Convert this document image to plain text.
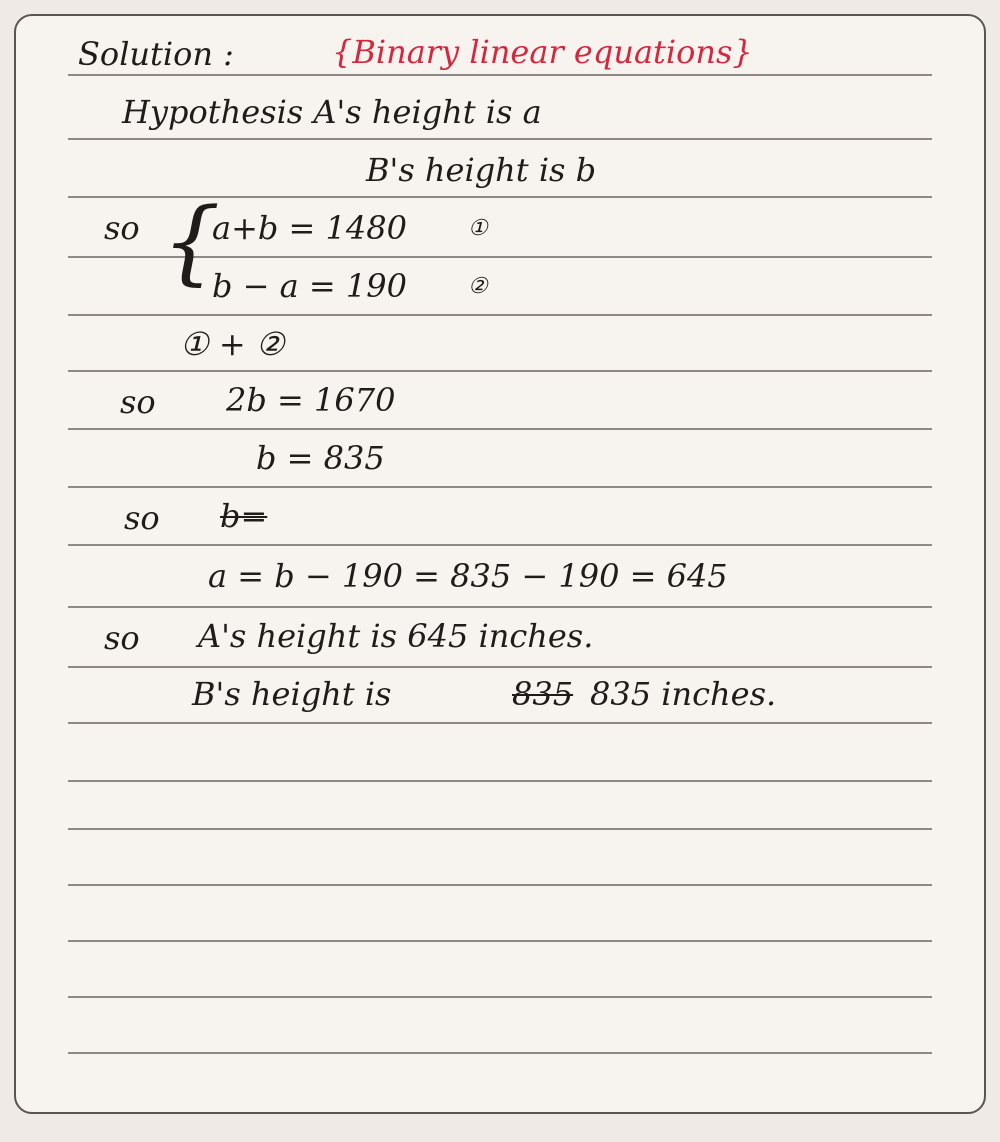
Solution :	{Binary linear equations}
Hypothesis A's height is a
B's height is b
so {
a+b = 1480	①
b − a = 190	②
① + ②
so 2b = 1670
b = 835
so b=
a = b − 190 = 835 − 190 = 645
so A's height is 645 inches.
B's height is	835 835 inches.
